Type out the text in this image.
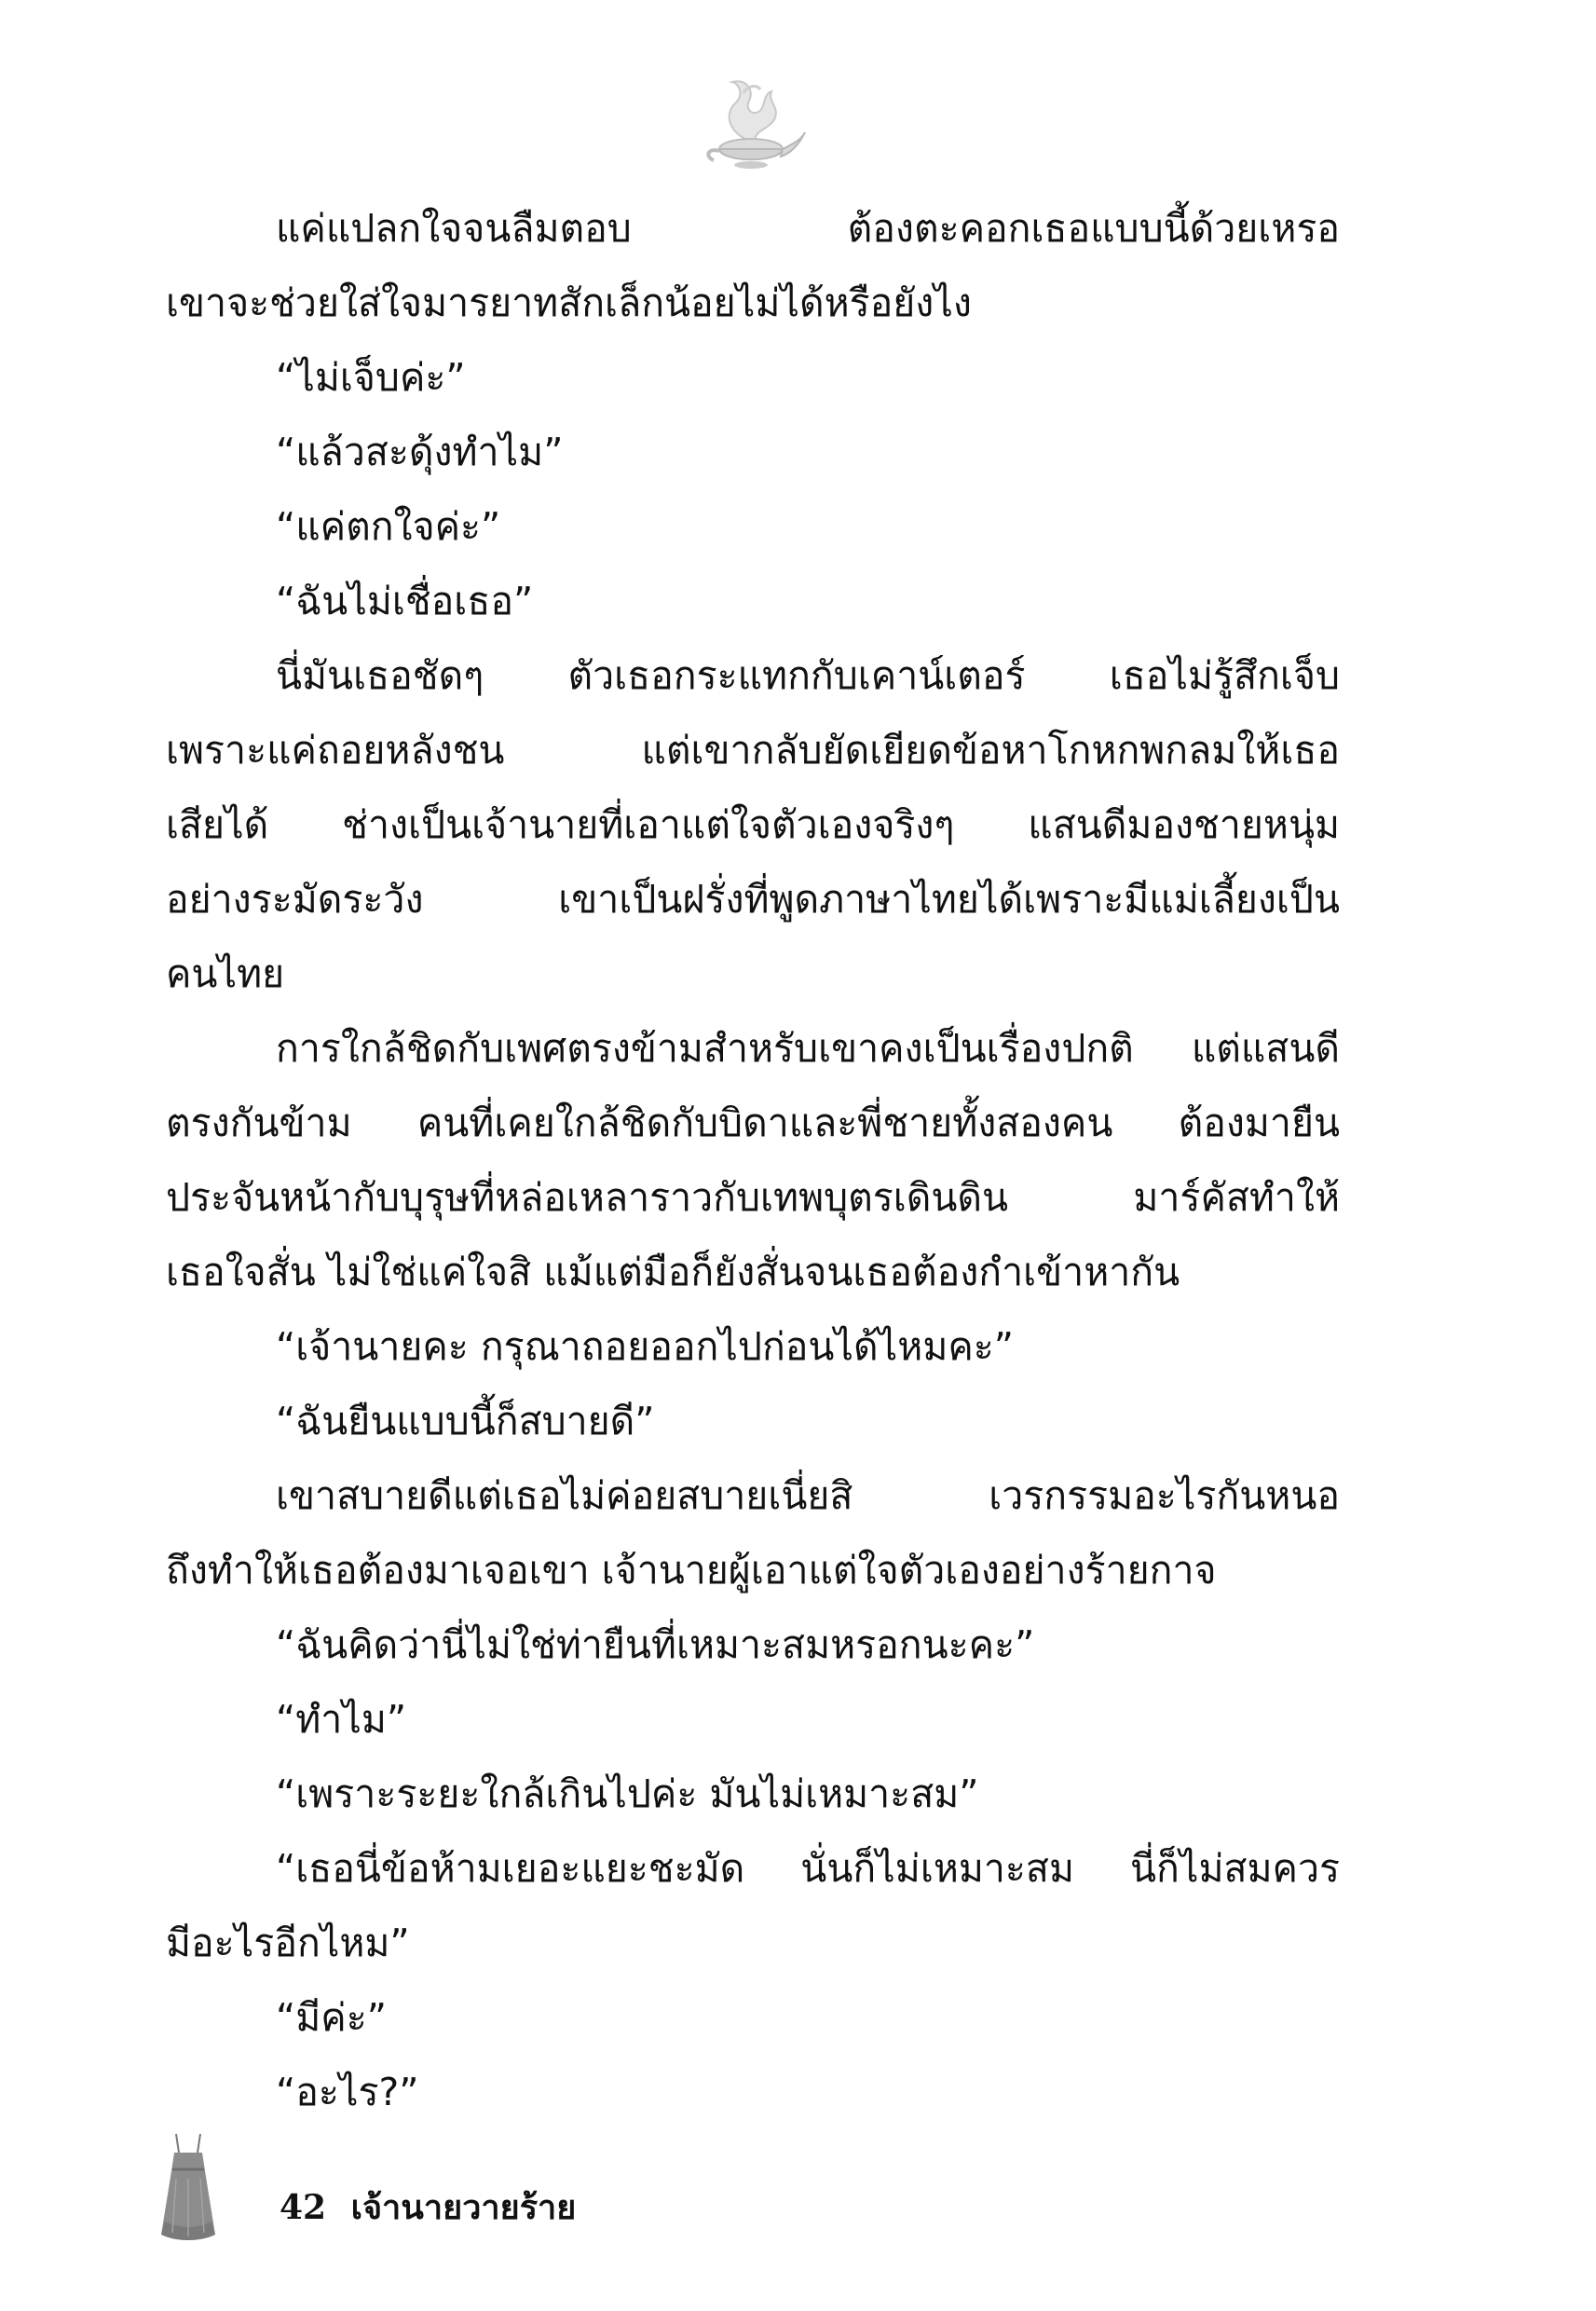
แค่แปลกใจจนลืมตอบ ต้องตะคอกเธอแบบนี้ด้วยเหรอ
เขาจะช่วยใส่ใจมารยาทสักเล็กน้อยไม่ได้หรือยังไง
“ไม่เจ็บค่ะ”
“แล้วสะดุ้งทำไม”
“แค่ตกใจค่ะ”
“ฉันไม่เชื่อเธอ”
นี่มันเธอชัดๆ ตัวเธอกระแทกกับเคาน์เตอร์ เธอไม่รู้สึกเจ็บ
เพราะแค่ถอยหลังชน แต่เขากลับยัดเยียดข้อหาโกหกพกลมให้เธอ
เสียได้ ช่างเป็นเจ้านายที่เอาแต่ใจตัวเองจริงๆ แสนดีมองชายหนุ่ม
อย่างระมัดระวัง เขาเป็นฝรั่งที่พูดภาษาไทยได้เพราะมีแม่เลี้ยงเป็น
คนไทย
การใกล้ชิดกับเพศตรงข้ามสำหรับเขาคงเป็นเรื่องปกติ แต่แสนดี
ตรงกันข้าม คนที่เคยใกล้ชิดกับบิดาและพี่ชายทั้งสองคน ต้องมายืน
ประจันหน้ากับบุรุษที่หล่อเหลาราวกับเทพบุตรเดินดิน มาร์คัสทำให้
เธอใจสั่น ไม่ใช่แค่ใจสิ แม้แต่มือก็ยังสั่นจนเธอต้องกำเข้าหากัน
“เจ้านายคะ กรุณาถอยออกไปก่อนได้ไหมคะ”
“ฉันยืนแบบนี้ก็สบายดี”
เขาสบายดีแต่เธอไม่ค่อยสบายเนี่ยสิ เวรกรรมอะไรกันหนอ
ถึงทำให้เธอต้องมาเจอเขา เจ้านายผู้เอาแต่ใจตัวเองอย่างร้ายกาจ
“ฉันคิดว่านี่ไม่ใช่ท่ายืนที่เหมาะสมหรอกนะคะ”
“ทำไม”
“เพราะระยะใกล้เกินไปค่ะ มันไม่เหมาะสม”
“เธอนี่ข้อห้ามเยอะแยะชะมัด นั่นก็ไม่เหมาะสม นี่ก็ไม่สมควร
มีอะไรอีกไหม”
“มีค่ะ”
“อะไร?”
42 เจ้านายวายร้าย
